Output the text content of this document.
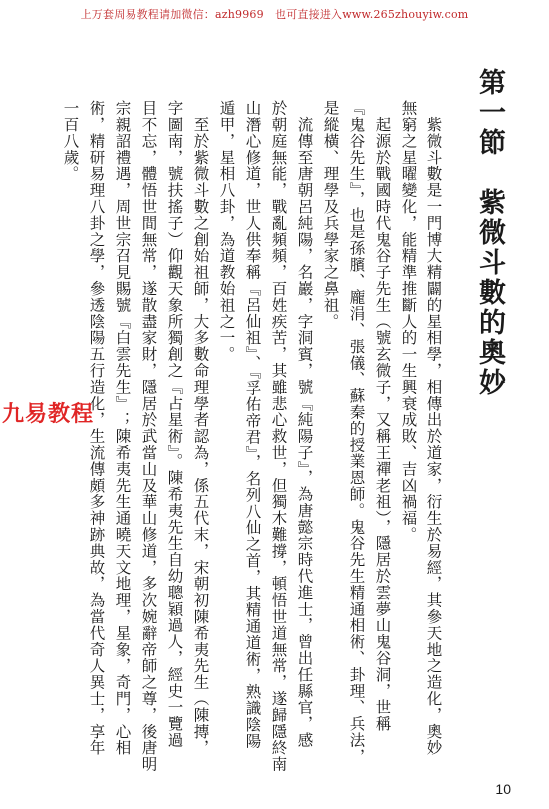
上万套周易教程请加微信：azh9969　也可直接进入www.265zhouyiw.com
第一節　紫微斗數的奧妙
　紫微斗數是一門博大精闢的星相學，相傳出於道家，衍生於易經，其參天地之造化，奧妙
無窮之星曜變化，能精準推斷人的一生興衰成敗、吉凶禍福。
　起源於戰國時代鬼谷子先生（號玄微子，又稱王禪老祖），隱居於雲夢山鬼谷洞，世稱
『鬼谷先生』，也是孫臏、龐涓、張儀、蘇秦的授業恩師。鬼谷先生精通相術、卦理、兵法，
是縱橫、理學及兵學家之鼻祖。
　流傳至唐朝呂純陽，名巖，字洞賓，號『純陽子』，為唐懿宗時代進士，曾出任縣官，感
於朝庭無能，戰亂頻頻，百姓疾苦，其雖悲心救世，但獨木難撐，頓悟世道無常，遂歸隱終南
山潛心修道，世人供奉稱『呂仙祖』、『孚佑帝君』，名列八仙之首，其精通道術，熟識陰陽
遁甲，星相八卦，為道教始祖之一。
　至於紫微斗數之創始祖師，大多數命理學者認為，係五代末，宋朝初陳希夷先生（陳摶，
字圖南，號扶搖子）仰觀天象所獨創之『占星術』。陳希夷先生自幼聰穎過人，經史一覽過
目不忘，體悟世間無常，遂散盡家財，隱居於武當山及華山修道，多次婉辭帝師之尊，後唐明
宗親詔禮遇，周世宗召見賜號『白雲先生』；陳希夷先生通曉天文地理，星象，奇門，心相
術，精研易理八卦之學，參透陰陽五行造化，生流傳頗多神跡典故，為當代奇人異士，享年
一百八歲。
九易教程
10
